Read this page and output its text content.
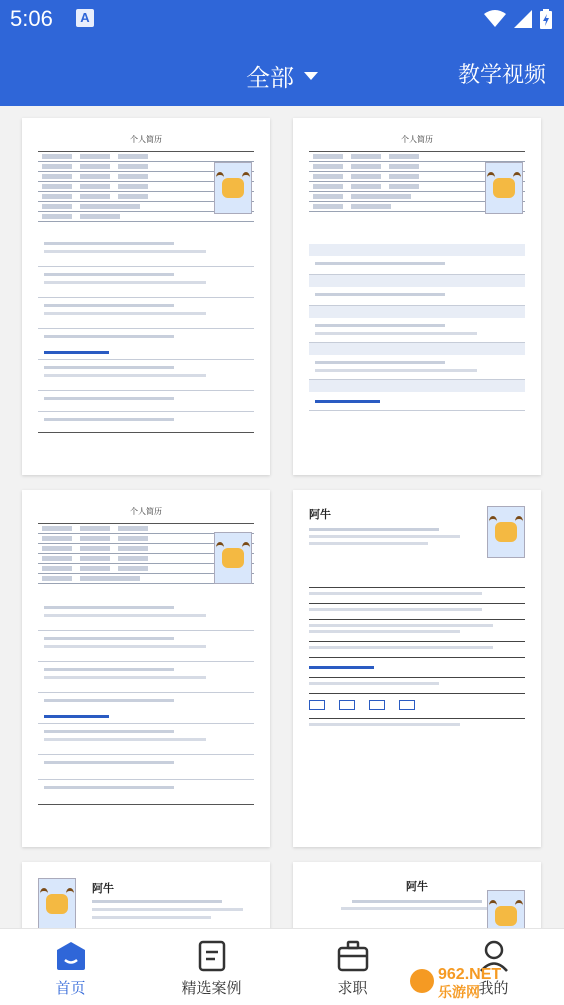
5:06	A
全部	教学视频
个人简历	个人简历
个人简历	阿牛
阿牛	阿牛
首页	精选案例	求职	我的
962.NET
乐游网
